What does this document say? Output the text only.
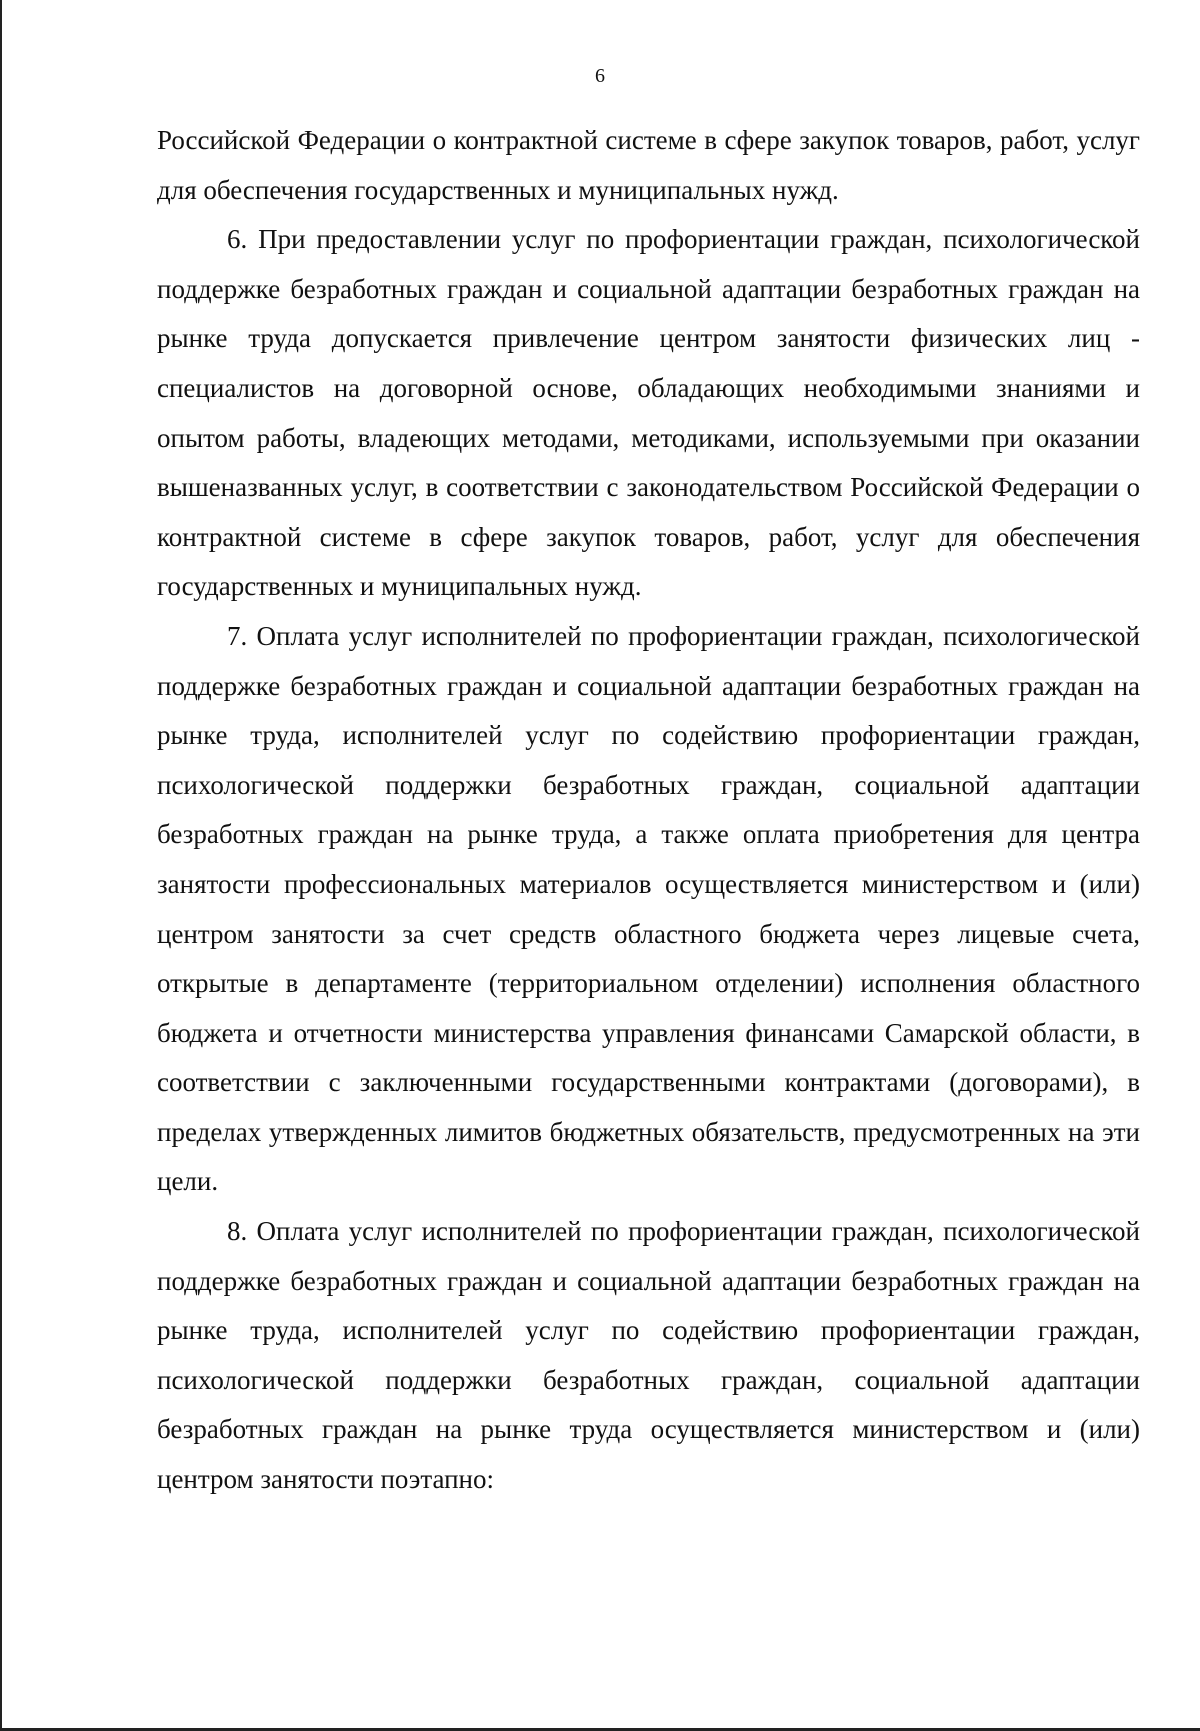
6

Российской Федерации о контрактной системе в сфере закупок товаров, работ, услуг для обеспечения государственных и муниципальных нужд.

6. При предоставлении услуг по профориентации граждан, психологической поддержке безработных граждан и социальной адаптации безработных граждан на рынке труда допускается привлечение центром занятости физических лиц - специалистов на договорной основе, обладающих необходимыми знаниями и опытом работы, владеющих методами, методиками, используемыми при оказании вышеназванных услуг, в соответствии с законодательством Российской Федерации о контрактной системе в сфере закупок товаров, работ, услуг для обеспечения государственных и муниципальных нужд.

7. Оплата услуг исполнителей по профориентации граждан, психологической поддержке безработных граждан и социальной адаптации безработных граждан на рынке труда, исполнителей услуг по содействию профориентации граждан, психологической поддержки безработных граждан, социальной адаптации безработных граждан на рынке труда, а также оплата приобретения для центра занятости профессиональных материалов осуществляется министерством и (или) центром занятости за счет средств областного бюджета через лицевые счета, открытые в департаменте (территориальном отделении) исполнения областного бюджета и отчетности министерства управления финансами Самарской области, в соответствии с заключенными государственными контрактами (договорами), в пределах утвержденных лимитов бюджетных обязательств, предусмотренных на эти цели.

8. Оплата услуг исполнителей по профориентации граждан, психологической поддержке безработных граждан и социальной адаптации безработных граждан на рынке труда, исполнителей услуг по содействию профориентации граждан, психологической поддержки безработных граждан, социальной адаптации безработных граждан на рынке труда осуществляется министерством и (или) центром занятости поэтапно:
